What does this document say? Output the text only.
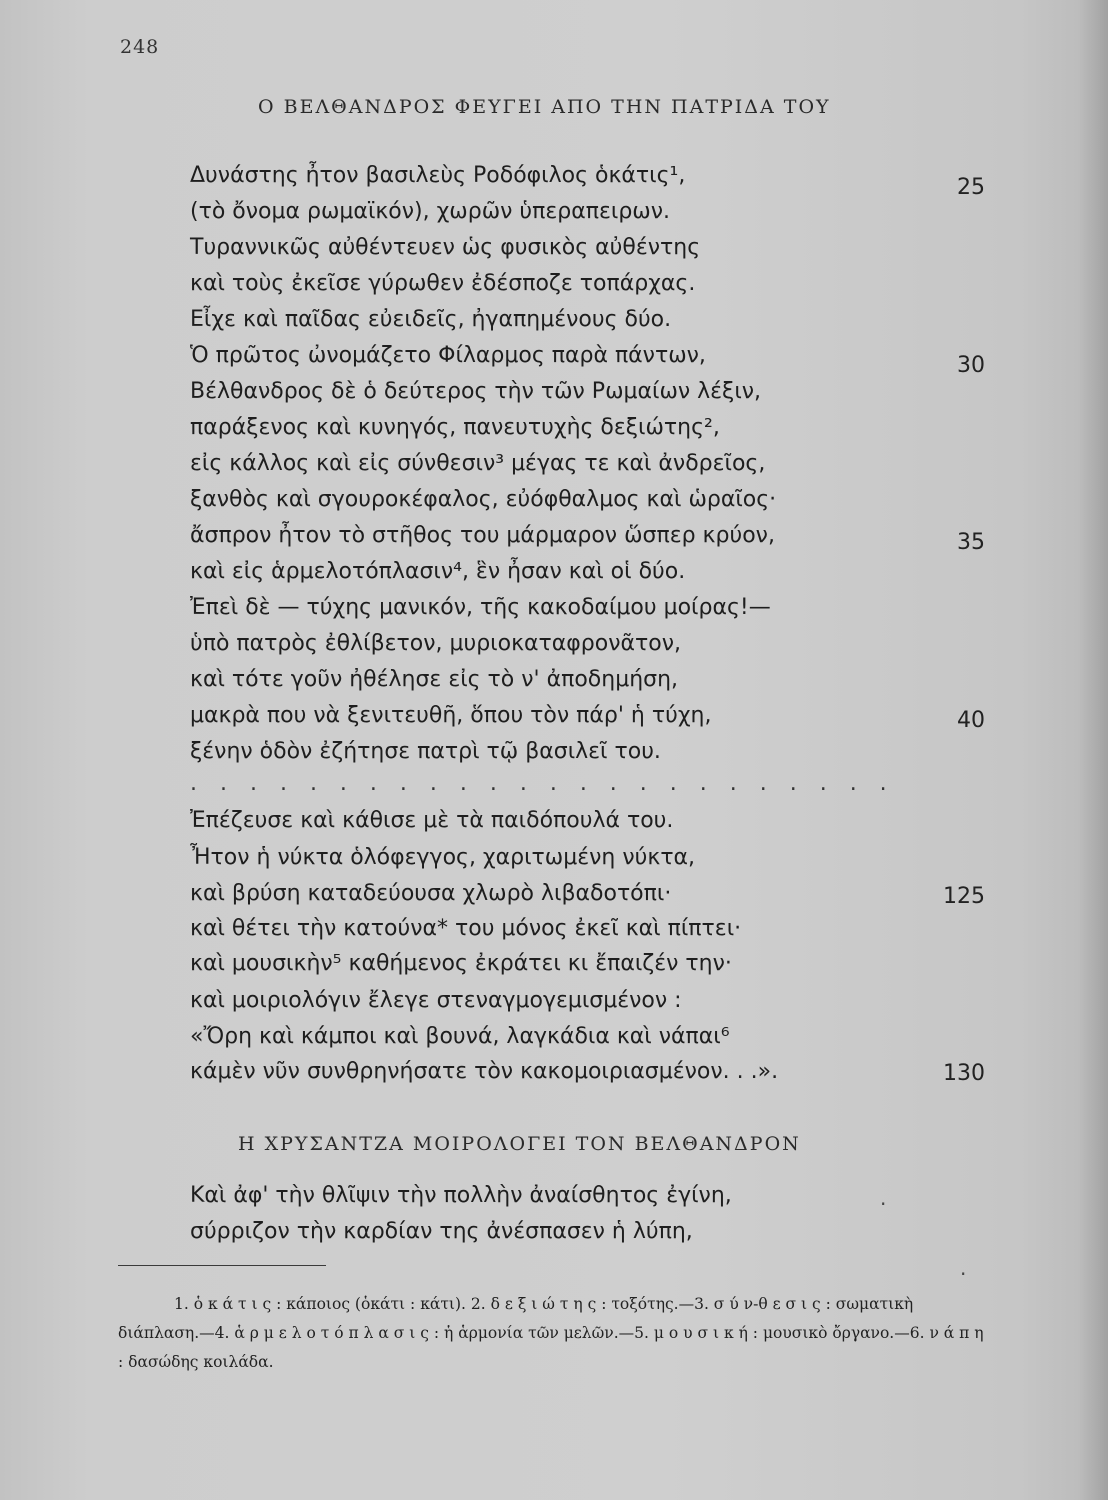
248
Ο ΒΕΛΘΑΝΔΡΟΣ ΦΕΥΓΕΙ ΑΠΟ ΤΗΝ ΠΑΤΡΙΔΑ ΤΟΥ
Δυνάστης ἦτον βασιλεὺς Ροδόφιλος ὁκάτις¹,
(τὸ ὄνομα ρωμαϊκόν), χωρῶν ὑπεραπειρων.
Τυραννικῶς αὐθέντευεν ὡς φυσικὸς αὐθέντης
καὶ τοὺς ἐκεῖσε γύρωθεν ἐδέσποζε τοπάρχας.
Εἶχε καὶ παῖδας εὐειδεῖς, ἠγαπημένους δύο.
Ὁ πρῶτος ὠνομάζετο Φίλαρμος παρὰ πάντων,
Βέλθανδρος δὲ ὁ δεύτερος τὴν τῶν Ρωμαίων λέξιν,
παράξενος καὶ κυνηγός, πανευτυχὴς δεξιώτης²,
εἰς κάλλος καὶ εἰς σύνθεσιν³ μέγας τε καὶ ἀνδρεῖος,
ξανθὸς καὶ σγουροκέφαλος, εὐόφθαλμος καὶ ὡραῖος·
ἄσπρον ἦτον τὸ στῆθος του μάρμαρον ὥσπερ κρύον,
καὶ εἰς ἁρμελοτόπλασιν⁴, ἓν ἦσαν καὶ οἱ δύο.
Ἐπεὶ δὲ — τύχης μανικόν, τῆς κακοδαίμου μοίρας!—
ὑπὸ πατρὸς ἐθλίβετον, μυριοκαταφρονᾶτον,
καὶ τότε γοῦν ἠθέλησε εἰς τὸ ν' ἀποδημήση,
μακρὰ που νὰ ξενιτευθῆ, ὅπου τὸν πάρ' ἡ τύχη,
ξένην ὁδὸν ἐζήτησε πατρὶ τῷ βασιλεῖ του.
25
30
35
40
. . . . . . . . . . . . . . . . . . . . . . . .
Ἐπέζευσε καὶ κάθισε μὲ τὰ παιδόπουλά του.
Ἦτον ἡ νύκτα ὁλόφεγγος, χαριτωμένη νύκτα,
καὶ βρύση καταδεύουσα χλωρὸ λιβαδοτόπι·
καὶ θέτει τὴν κατούνα* του μόνος ἐκεῖ καὶ πίπτει·
καὶ μουσικὴν⁵ καθήμενος ἐκράτει κι ἔπαιζέν την·
καὶ μοιριολόγιν ἔλεγε στεναγμογεμισμένον :
«Ὄρη καὶ κάμποι καὶ βουνά, λαγκάδια καὶ νάπαι⁶
κάμὲν νῦν συνθρηνήσατε τὸν κακομοιριασμένον. . .».
125
130
Η ΧΡΥΣΑΝΤΖΑ ΜΟΙΡΟΛΟΓΕΙ ΤΟΝ ΒΕΛΘΑΝΔΡΟΝ
Καὶ ἀφ' τὴν θλῖψιν τὴν πολλὴν ἀναίσθητος ἐγίνη,
σύρριζον τὴν καρδίαν της ἀνέσπασεν ἡ λύπη,
·
·
1. ὁ κ ά τ ι ς : κάποιος (ὁκάτι : κάτι). 2. δ ε ξ ι ώ τ η ς : τοξότης.—3. σ ύ ν-θ ε σ ι ς : σωματικὴ διάπλαση.—4. ἁ ρ μ ε λ ο τ ό π λ α σ ι ς : ἡ ἁρμονία τῶν μελῶν.—5. μ ο υ σ ι κ ή : μουσικὸ ὄργανο.—6. ν ά π η : δασώδης κοιλάδα.
